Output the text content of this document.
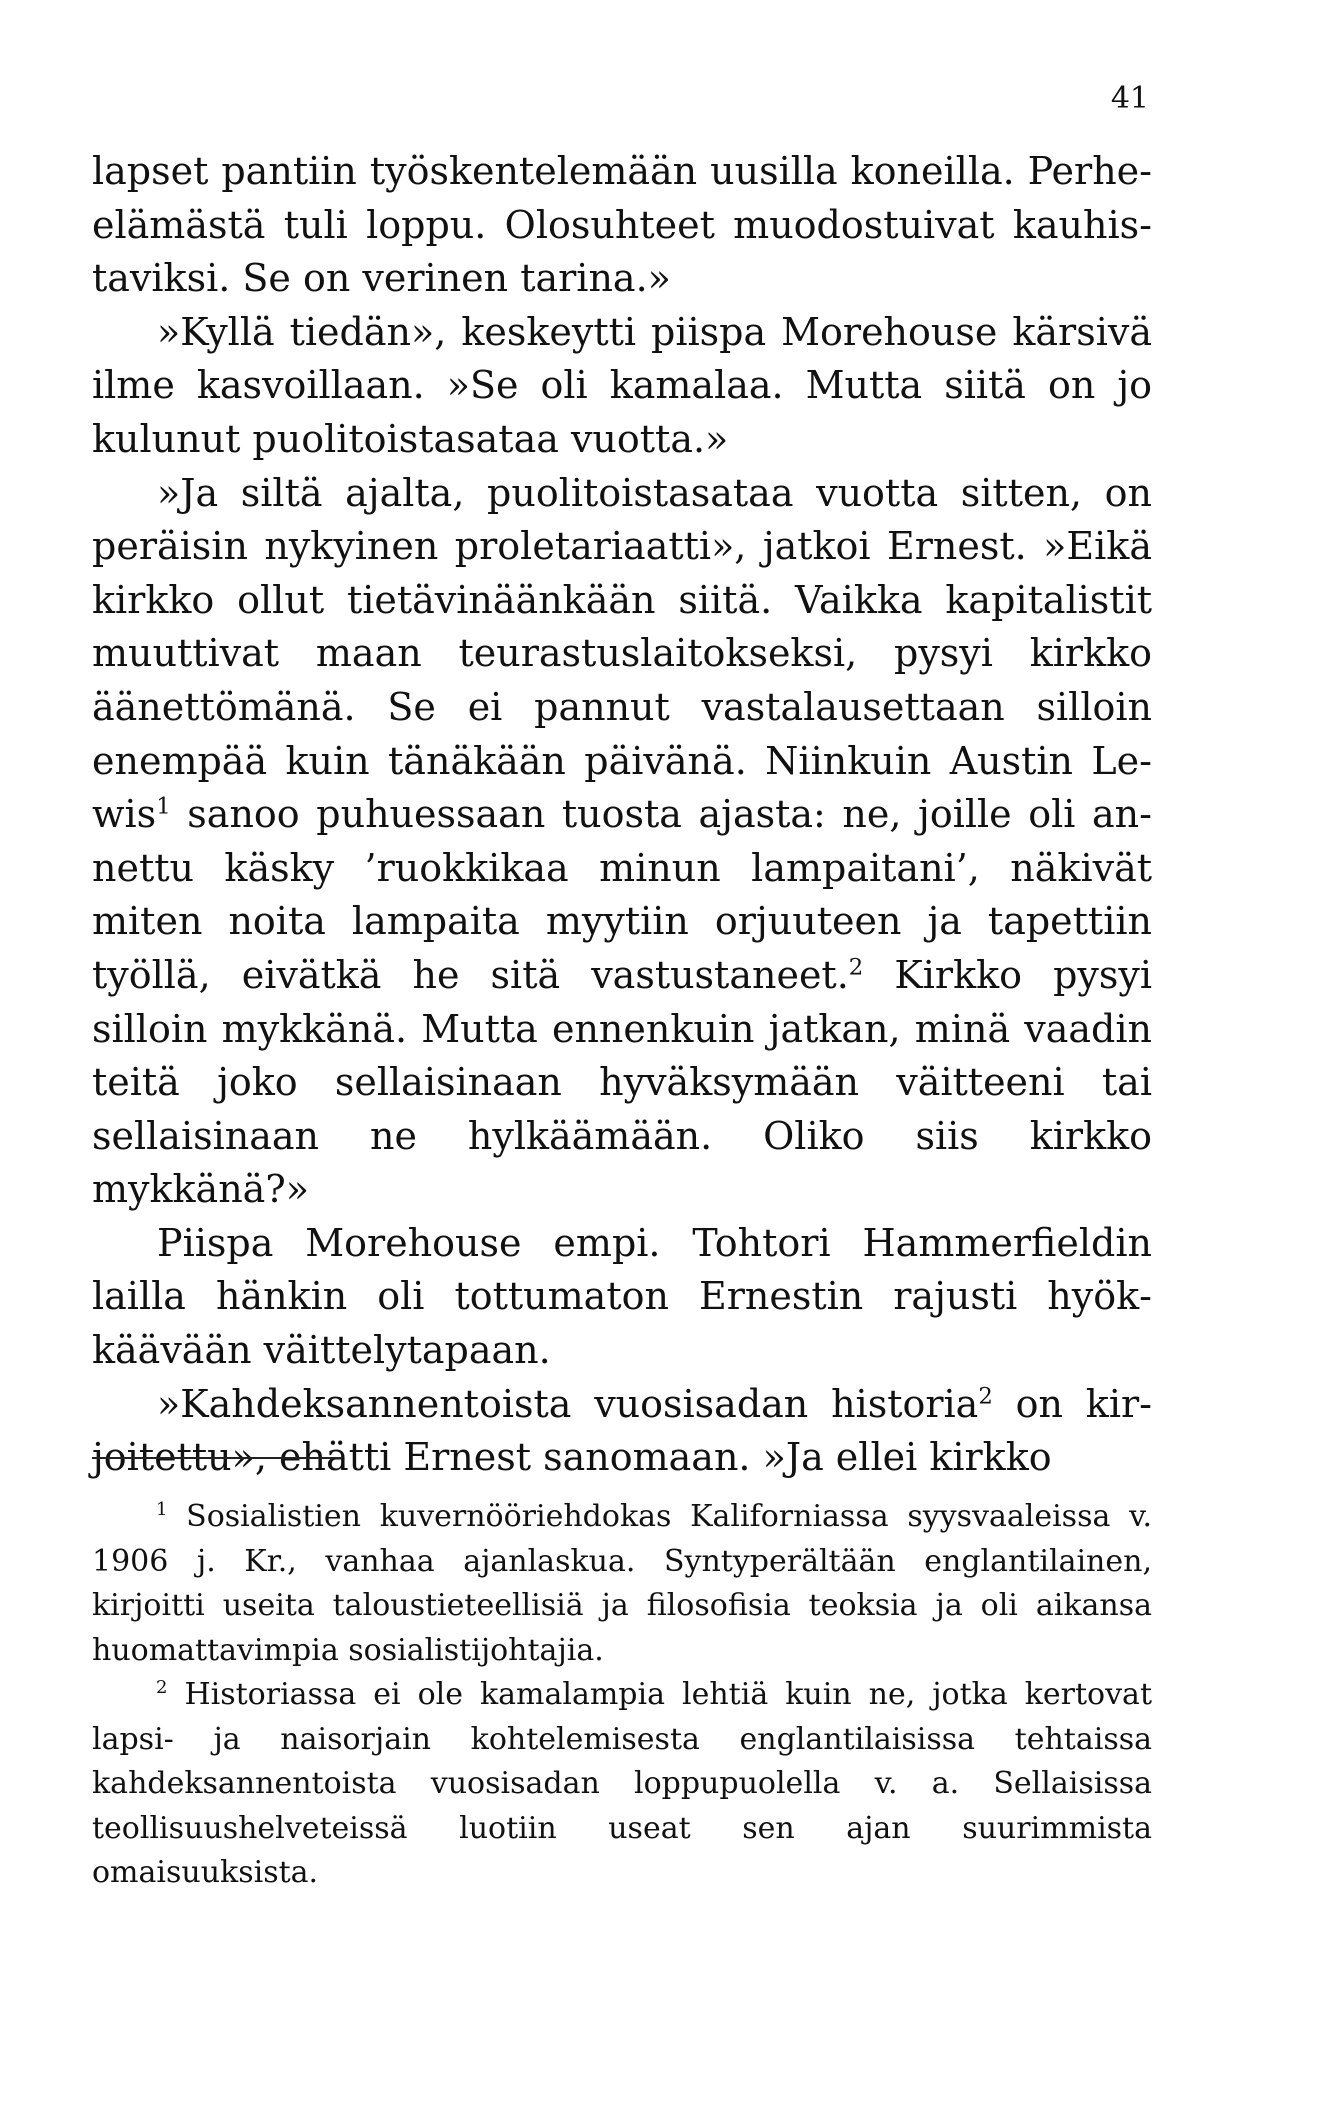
41

lapset pantiin työskentelemään uusilla koneilla. Perheelämästä tuli loppu. Olosuhteet muodostuivat kauhistaviksi. Se on verinen tarina.»

»Kyllä tiedän», keskeytti piispa Morehouse kärsivä ilme kasvoillaan. »Se oli kamalaa. Mutta siitä on jo kulunut puolitoistasataa vuotta.»

»Ja siltä ajalta, puolitoistasataa vuotta sitten, on peräisin nykyinen proletariaatti», jatkoi Ernest. »Eikä kirkko ollut tietävinäänkään siitä. Vaikka kapitalistit muuttivat maan teurastuslaitokseksi, pysyi kirkko äänettömänä. Se ei pannut vastalausettaan silloin enempää kuin tänäkään päivänä. Niinkuin Austin Lewis$^1$ sanoo puhuessaan tuosta ajasta: ne, joille oli annettu käsky ’ruokkikaa minun lampaitani’, näkivät miten noita lampaita myytiin orjuuteen ja tapettiin työllä, eivätkä he sitä vastustaneet.$^2$ Kirkko pysyi silloin mykkänä. Mutta ennenkuin jatkan, minä vaadin teitä joko sellaisinaan hyväksymään väitteeni tai sellaisinaan ne hylkäämään. Oliko siis kirkko mykkänä?»

Piispa Morehouse empi. Tohtori Hammerfieldin lailla hänkin oli tottumaton Ernestin rajusti hyökkäävään väittelytapaan.

»Kahdeksannentoista vuosisadan historia$^2$ on kirjoitettu», ehätti Ernest sanomaan. »Ja ellei kirkko

$^1$ Sosialistien kuvernööriehdokas Kaliforniassa syysvaaleissa v. 1906 j. Kr., vanhaa ajanlaskua. Syntyperältään englantilainen, kirjoitti useita taloustieteellisiä ja filosofisia teoksia ja oli aikansa huomattavimpia sosialistijohtajia.

$^2$ Historiassa ei ole kamalampia lehtiä kuin ne, jotka kertovat lapsi- ja naisorjain kohtelemisesta englantilaisissa tehtaissa kahdeksannentoista vuosisadan loppupuolella v. a. Sellaisissa teollisuushelveteissä luotiin useat sen ajan suurimmista omaisuuksista.
